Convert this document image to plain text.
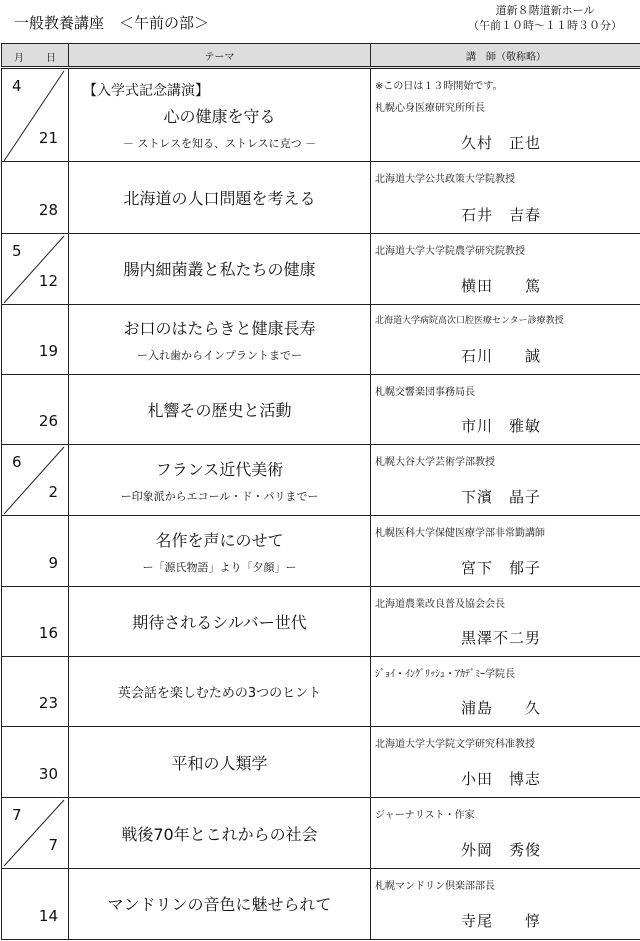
一般教養講座　＜午前の部＞
道新８階道新ホール
（午前１０時～１１時３０分）
月 日	テーマ	講　師（敬称略）

4
21	【入学式記念講演】
心の健康を守る
－ ストレスを知る、ストレスに克つ －	※この日は１３時開始です。
札幌心身医療研究所所長
久村　正也

28	北海道の人口問題を考える	北海道大学公共政策大学院教授
石井　吉春

5
12	腸内細菌叢と私たちの健康	北海道大学大学院農学研究院教授
横田　　篤

19	お口のはたらきと健康長寿
ー入れ歯からインプラントまでー	北海道大学病院高次口腔医療センター診療教授
石川　　誠

26	札響その歴史と活動	札幌交響楽団事務局長
市川　雅敏

6
2	フランス近代美術
ー印象派からエコール・ド・パリまでー	札幌大谷大学芸術学部教授
下濱　晶子

9	名作を声にのせて
ー「源氏物語」より「夕顔」ー	札幌医科大学保健医療学部非常勤講師
宮下　郁子

16	期待されるシルバー世代	北海道農業改良普及協会会長
黒澤不二男

23	英会話を楽しむための3つのヒント	ｼﾞｮｲ・ｲﾝｸﾞﾘｯｼｭ・ｱｶﾃﾞﾐｰ学院長
浦島　　久

30	平和の人類学	北海道大学大学院文学研究科准教授
小田　博志

7
7	戦後70年とこれからの社会	ジャーナリスト・作家
外岡　秀俊

14	マンドリンの音色に魅せられて	札幌マンドリン倶楽部部長
寺尾　　惇
